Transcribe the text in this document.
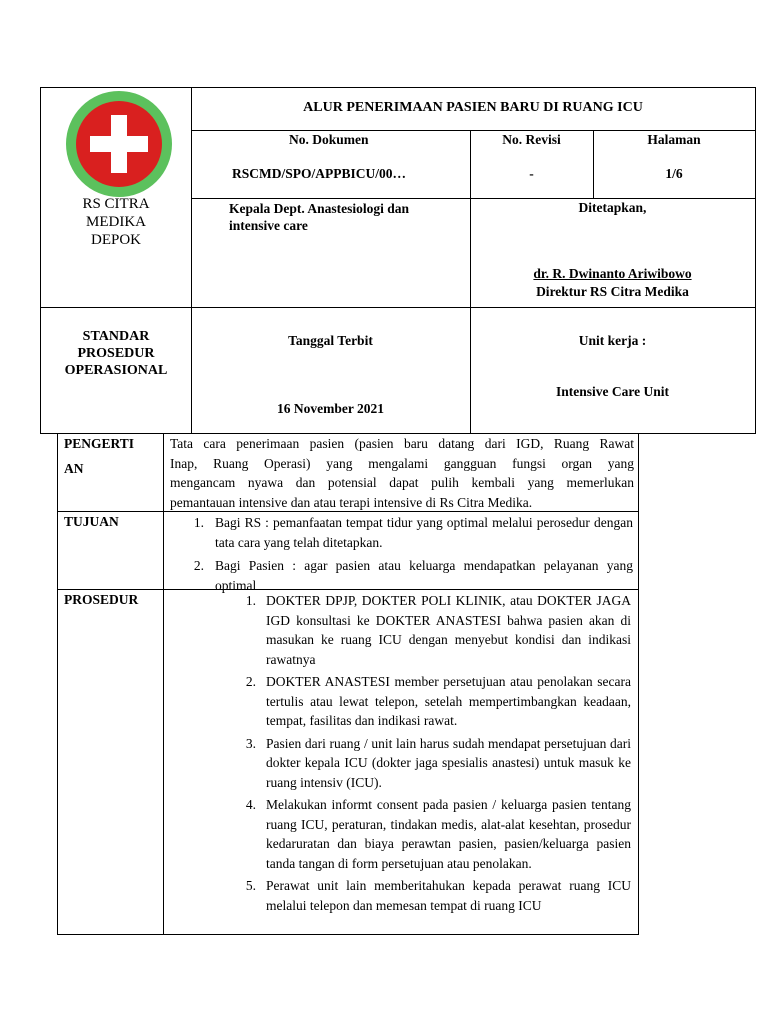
RS CITRA
MEDIKA
DEPOK
ALUR PENERIMAAN PASIEN BARU DI RUANG ICU
No. Dokumen
RSCMD/SPO/APPBICU/00…
No. Revisi
-
Halaman
1/6
Kepala Dept. Anastesiologi dan
intensive care
Ditetapkan,
dr. R. Dwinanto Ariwibowo
Direktur RS Citra Medika
STANDAR
PROSEDUR
OPERASIONAL
Tanggal Terbit
16 November 2021
Unit kerja :
Intensive Care Unit
PENGERTI
AN
Tata cara penerimaan pasien (pasien baru datang dari IGD, Ruang Rawat
Inap, Ruang Operasi) yang mengalami gangguan fungsi organ yang
mengancam nyawa dan potensial dapat pulih kembali yang memerlukan
pemantauan intensive dan atau terapi intensive di Rs Citra Medika.
TUJUAN	1. Bagi RS : pemanfaatan tempat tidur yang optimal melalui perosedur dengan tata cara yang telah ditetapkan.
2. Bagi Pasien : agar pasien atau keluarga mendapatkan pelayanan yang optimal
PROSEDUR	1. DOKTER DPJP, DOKTER POLI KLINIK, atau DOKTER JAGA IGD konsultasi ke DOKTER ANASTESI bahwa pasien akan di masukan ke ruang ICU dengan menyebut kondisi dan indikasi rawatnya
2. DOKTER ANASTESI member persetujuan atau penolakan secara tertulis atau lewat telepon, setelah mempertimbangkan keadaan, tempat, fasilitas dan indikasi rawat.
3. Pasien dari ruang / unit lain harus sudah mendapat persetujuan dari dokter kepala ICU (dokter jaga spesialis anastesi) untuk masuk ke ruang intensiv (ICU).
4. Melakukan informt consent pada pasien / keluarga pasien tentang ruang ICU, peraturan, tindakan medis, alat-alat kesehtan, prosedur kedaruratan dan biaya perawtan pasien, pasien/keluarga pasien tanda tangan di form persetujuan atau penolakan.
5. Perawat unit lain memberitahukan kepada perawat ruang ICU melalui telepon dan memesan tempat di ruang ICU
